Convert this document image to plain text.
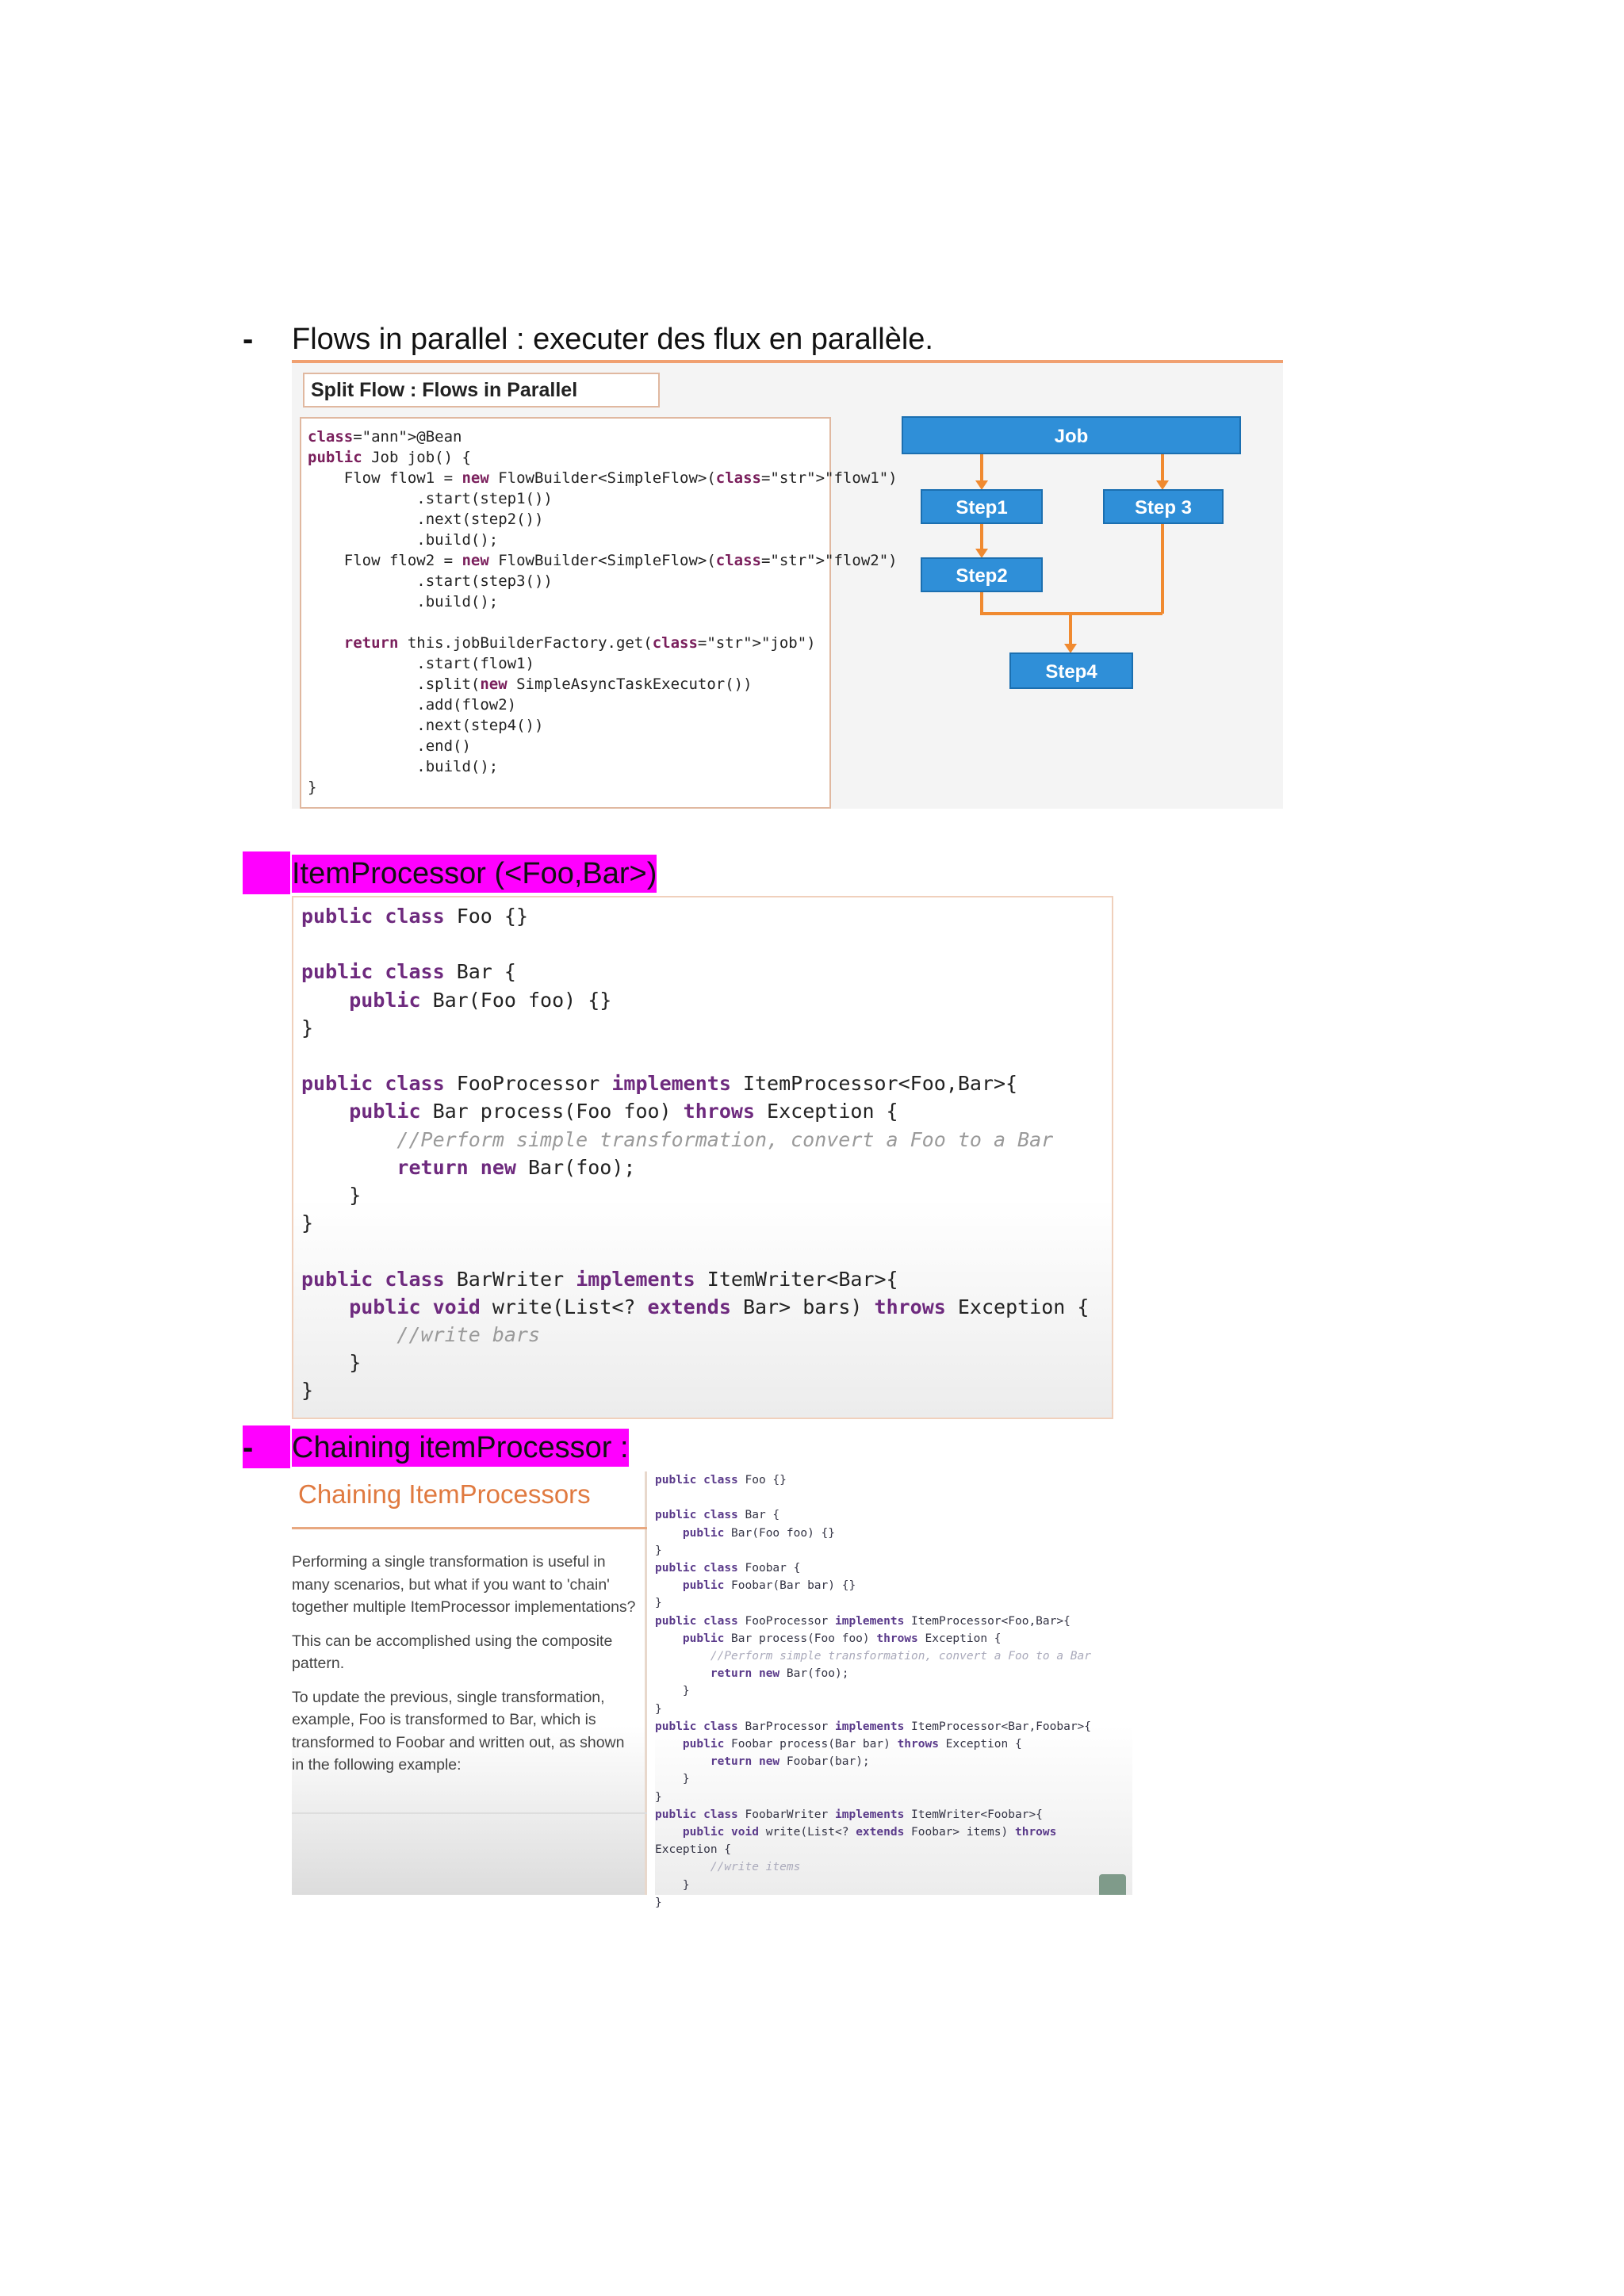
- Flows in parallel : executer des flux en parallèle.
Split Flow : Flows in Parallel
class="ann">@Bean
public Job job() {
Flow flow1 = new FlowBuilder<SimpleFlow>(class="str">"flow1")
.start(step1())
.next(step2())
.build();
Flow flow2 = new FlowBuilder<SimpleFlow>(class="str">"flow2")
.start(step3())
.build();

return this.jobBuilderFactory.get(class="str">"job")
.start(flow1)
.split(new SimpleAsyncTaskExecutor())
.add(flow2)
.next(step4())
.end()
.build();
}

Job
Step1	Step 3
Step2
Step4
ItemProcessor (<Foo,Bar>)
public class Foo {}

public class Bar {
public Bar(Foo foo) {}
}

public class FooProcessor implements ItemProcessor<Foo,Bar>{
public Bar process(Foo foo) throws Exception {
//Perform simple transformation, convert a Foo to a Bar
return new Bar(foo);
}
}

public class BarWriter implements ItemWriter<Bar>{
public void write(List<? extends Bar> bars) throws Exception {
//write bars
}
}

- Chaining itemProcessor :
Chaining ItemProcessors

Performing a single transformation is useful in many scenarios, but what if you want to 'chain' together multiple ItemProcessor implementations?

This can be accomplished using the composite pattern.

To update the previous, single transformation, example, Foo is transformed to Bar, which is transformed to Foobar and written out, as shown in the following example:

public class Foo {}

public class Bar {
public Bar(Foo foo) {}
}
public class Foobar {
public Foobar(Bar bar) {}
}
public class FooProcessor implements ItemProcessor<Foo,Bar>{
public Bar process(Foo foo) throws Exception {
//Perform simple transformation, convert a Foo to a Bar
return new Bar(foo);
}
}
public class BarProcessor implements ItemProcessor<Bar,Foobar>{
public Foobar process(Bar bar) throws Exception {
return new Foobar(bar);
}
}
public class FoobarWriter implements ItemWriter<Foobar>{
public void write(List<? extends Foobar> items) throws
Exception {
//write items
}
}
